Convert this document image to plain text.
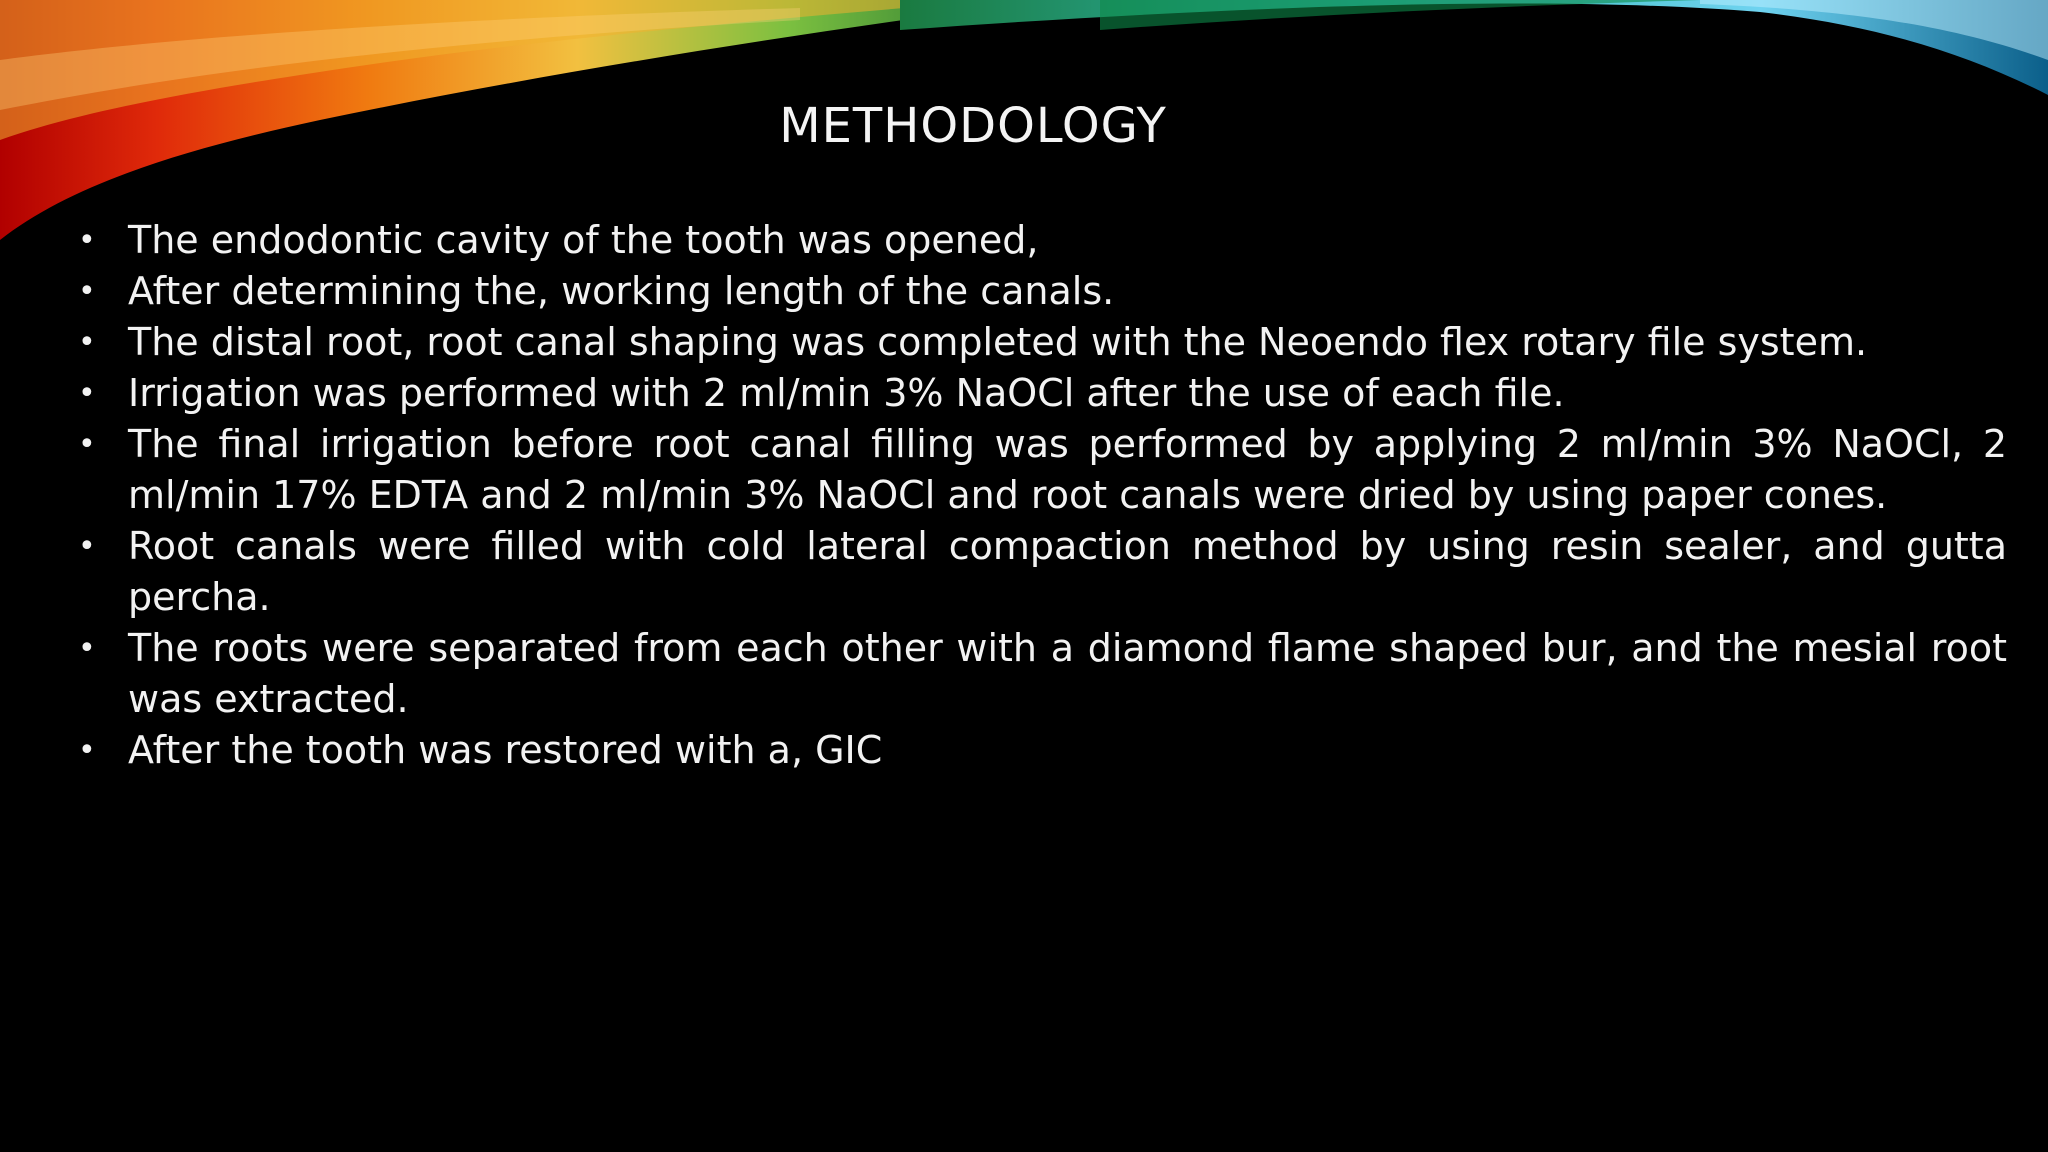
METHODOLOGY
• The endodontic cavity of the tooth was opened,
• After determining the, working length of the canals.
• The distal root, root canal shaping was completed with the Neoendo flex rotary file system.
• Irrigation was performed with 2 ml/min 3% NaOCl after the use of each file.
• The final irrigation before root canal filling was performed by applying 2 ml/min 3% NaOCl, 2 ml/min 17% EDTA and 2 ml/min 3% NaOCl and root canals were dried by using paper cones.
• Root canals were filled with cold lateral compaction method by using resin sealer, and gutta percha.
• The roots were separated from each other with a diamond flame shaped bur, and the mesial root was extracted.
• After the tooth was restored with a, GIC
